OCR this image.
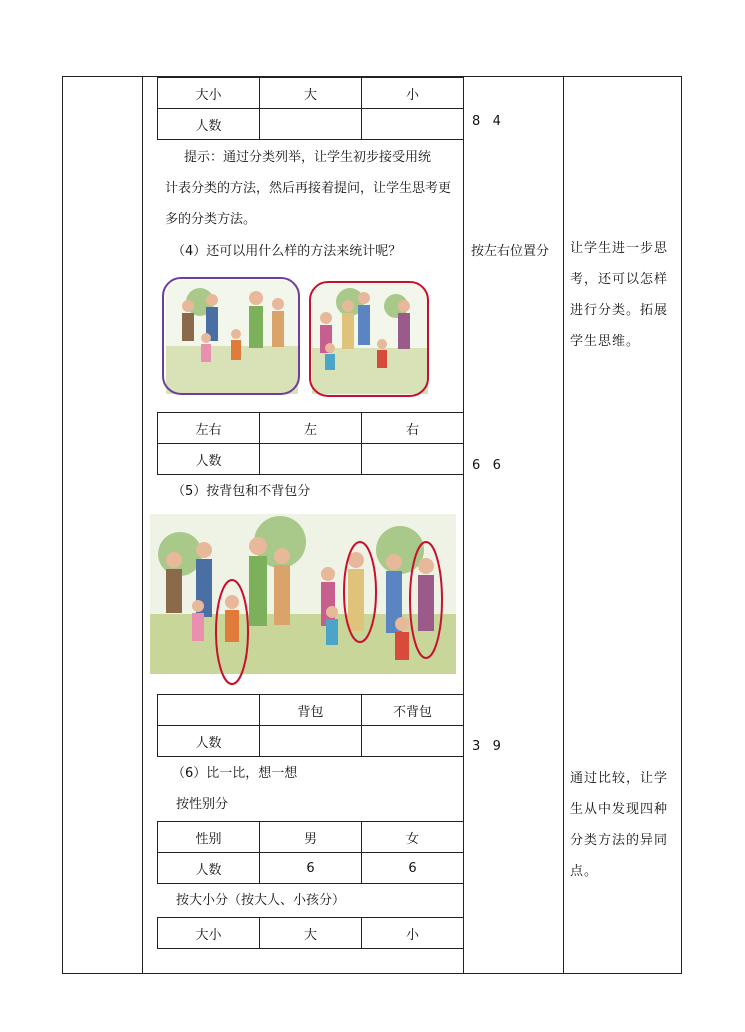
大小	大	小
人数			8   4
提示：通过分类列举，让学生初步接受用统
计表分类的方法，然后再接着提问，让学生思考更
多的分类方法。
（4）还可以用什么样的方法来统计呢？	按左右位置分 让学生进一步思
考，还可以怎样
进行分类。拓展
学生思维。
左右	左	右
人数			6   6
（5）按背包和不背包分
	背包	不背包
人数			3   9
（6）比一比，想一想
按性别分
通过比较，让学
生从中发现四种
分类方法的异同
点。
性别	男	女
人数	6	6
按大小分（按大人、小孩分）
大小	大	小
